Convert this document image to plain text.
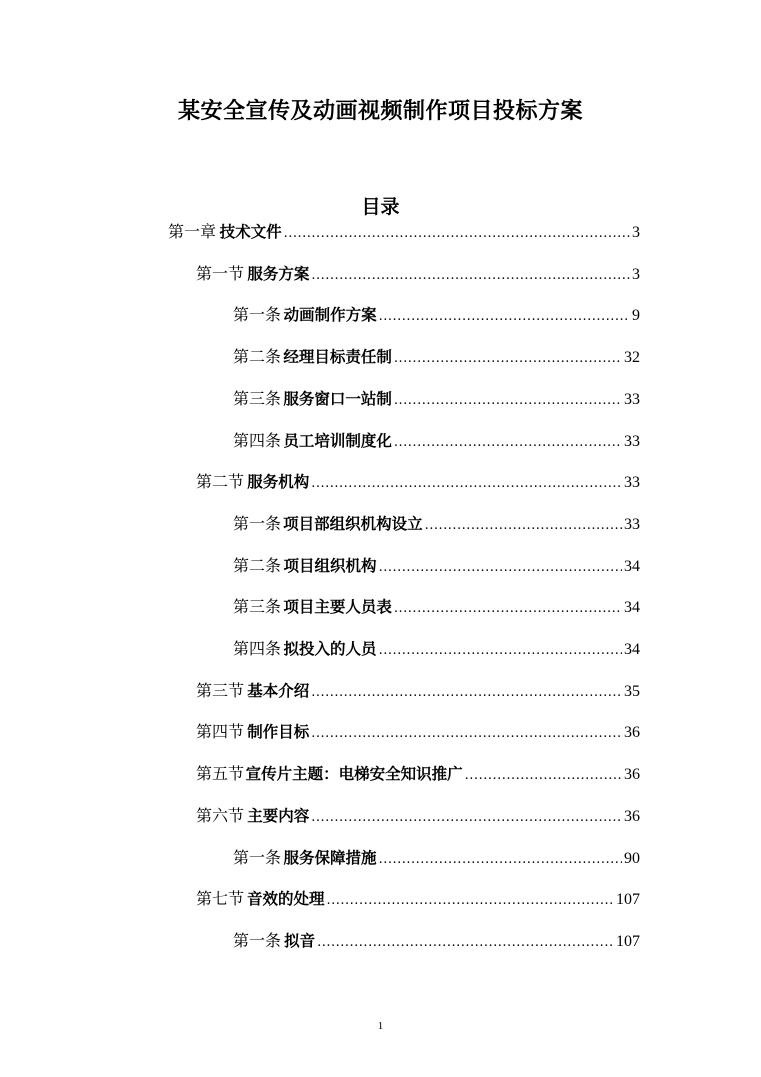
某安全宣传及动画视频制作项目投标方案
目录
第一章 技术文件 .....	3
第一节 服务方案 .....	3
第一条 动画制作方案 .....	9
第二条 经理目标责任制 .....	32
第三条 服务窗口一站制 .....	33
第四条 员工培训制度化 .....	33
第二节 服务机构 .....	33
第一条 项目部组织机构设立 .....	33
第二条 项目组织机构 .....	34
第三条 项目主要人员表 .....	34
第四条 拟投入的人员 .....	34
第三节 基本介绍 .....	35
第四节 制作目标 .....	36
第五节 宣传片主题：电梯安全知识推广 .....	36
第六节 主要内容 .....	36
第一条 服务保障措施 .....	90
第七节 音效的处理 .....	107
第一条 拟音 .....	107
1
